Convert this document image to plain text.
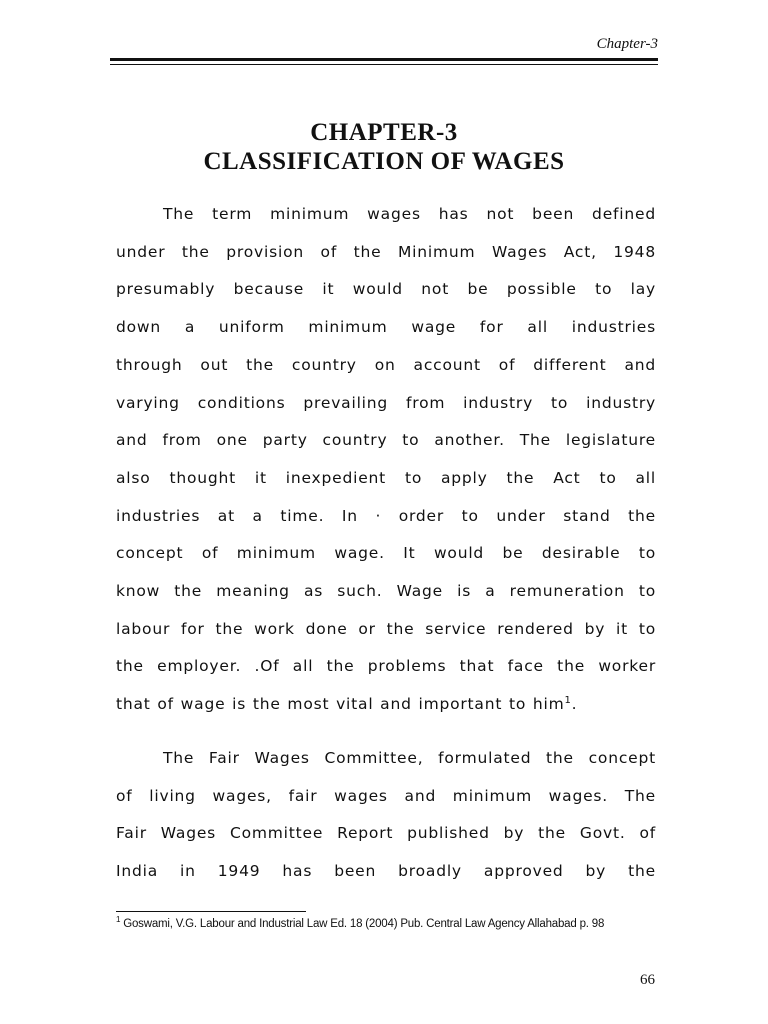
Chapter-3
CHAPTER-3
CLASSIFICATION OF WAGES
The term minimum wages has not been defined
under the provision of the Minimum Wages Act, 1948
presumably because it would not be possible to lay
down a uniform minimum wage for all industries
through out the country on account of different and
varying conditions prevailing from industry to industry
and from one party country to another. The legislature
also thought it inexpedient to apply the Act to all
industries at a time. In · order to under stand the
concept of minimum wage. It would be desirable to
know the meaning as such. Wage is a remuneration to
labour for the work done or the service rendered by it to
the employer. .Of all the problems that face the worker
that of wage is the most vital and important to him$^1$.
The Fair Wages Committee, formulated the concept
of living wages, fair wages and minimum wages. The
Fair Wages Committee Report published by the Govt. of
India in 1949 has been broadly approved by the
$^1$ Goswami, V.G. Labour and Industrial Law Ed. 18 (2004) Pub. Central Law Agency Allahabad p. 98
66
